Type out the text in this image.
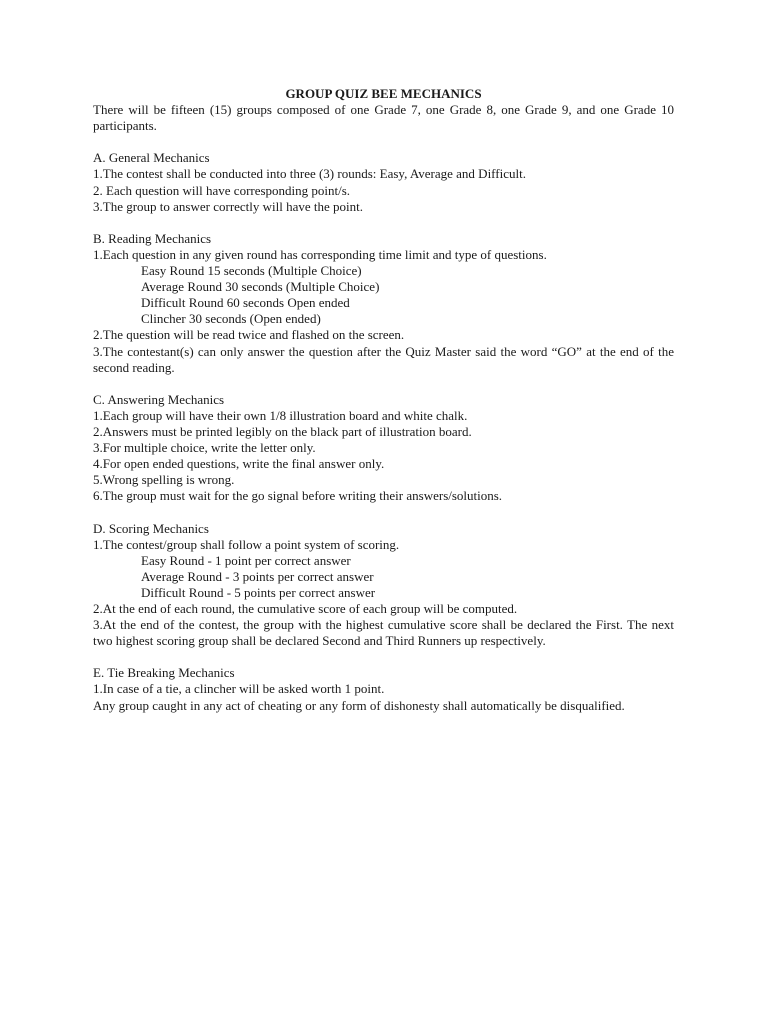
GROUP QUIZ BEE MECHANICS

There will be fifteen (15) groups composed of one Grade 7, one Grade 8, one Grade 9, and one Grade 10 participants.

A. General Mechanics

1.The contest shall be conducted into three (3) rounds: Easy, Average and Difficult.

2. Each question will have corresponding point/s.

3.The group to answer correctly will have the point.

B. Reading Mechanics

1.Each question in any given round has corresponding time limit and type of questions.

Easy Round 15 seconds (Multiple Choice)

Average Round 30 seconds (Multiple Choice)

Difficult Round 60 seconds Open ended

Clincher 30 seconds (Open ended)

2.The question will be read twice and flashed on the screen.

3.The contestant(s) can only answer the question after the Quiz Master said the word “GO” at the end of the second reading.

C. Answering Mechanics

1.Each group will have their own 1/8 illustration board and white chalk.

2.Answers must be printed legibly on the black part of illustration board.

3.For multiple choice, write the letter only.

4.For open ended questions, write the final answer only.

5.Wrong spelling is wrong.

6.The group must wait for the go signal before writing their answers/solutions.

D. Scoring Mechanics

1.The contest/group shall follow a point system of scoring.

Easy Round - 1 point per correct answer

Average Round - 3 points per correct answer

Difficult Round - 5 points per correct answer

2.At the end of each round, the cumulative score of each group will be computed.

3.At the end of the contest, the group with the highest cumulative score shall be declared the First. The next two highest scoring group shall be declared Second and Third Runners up respectively.

E. Tie Breaking Mechanics

1.In case of a tie, a clincher will be asked worth 1 point.

Any group caught in any act of cheating or any form of dishonesty shall automatically be disqualified.
